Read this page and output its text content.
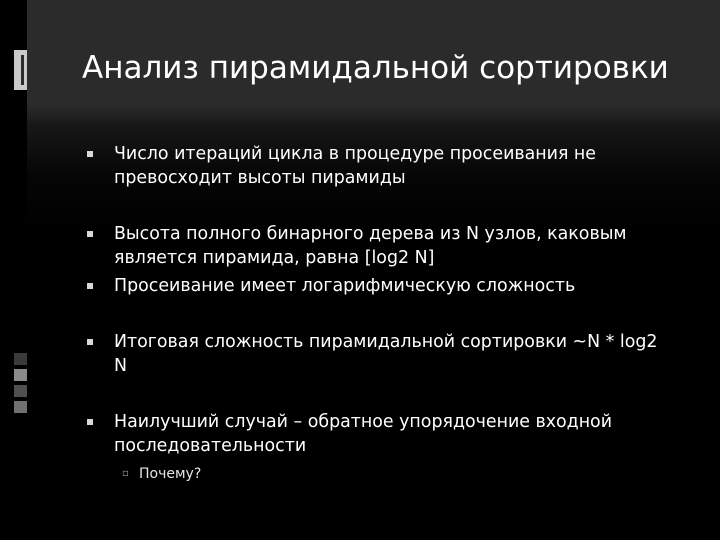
Анализ пирамидальной сортировки
Число итераций цикла в процедуре просеивания не превосходит высоты пирамиды
Высота полного бинарного дерева из N узлов, каковым является пирамида, равна [log2 N]
Просеивание имеет логарифмическую сложность
Итоговая сложность пирамидальной сортировки ~N * log2 N
Наилучший случай – обратное упорядочение входной последовательности
▫ Почему?
